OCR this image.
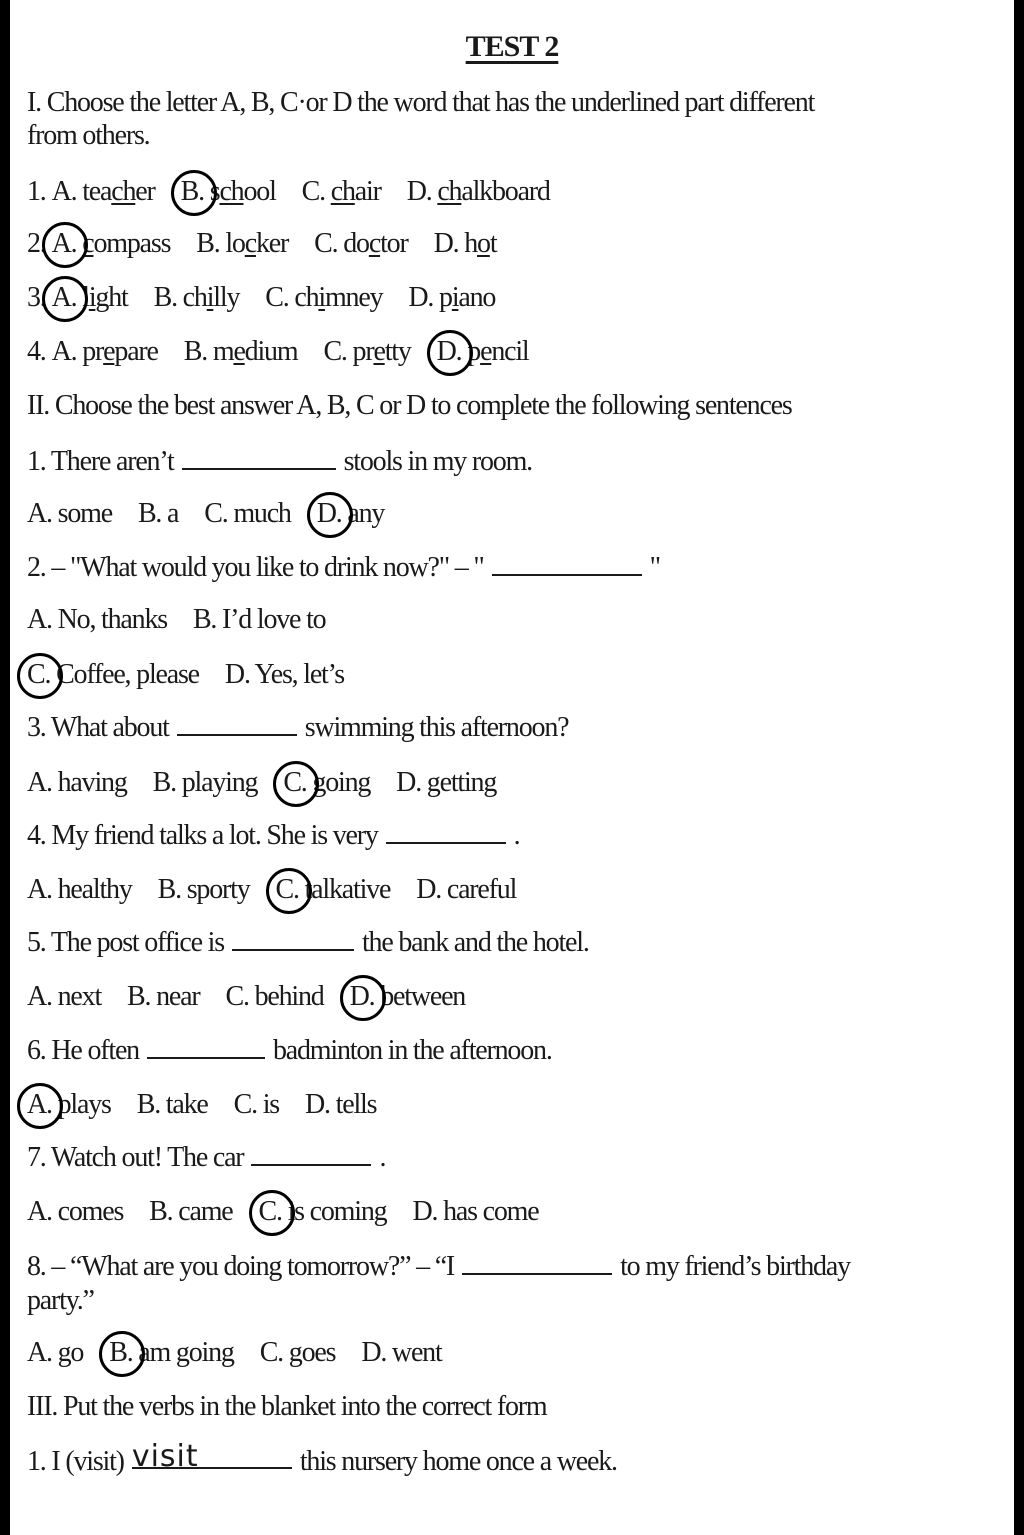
TEST 2
I. Choose the letter A, B, C·or D the word that has the underlined part different
from others.
1. A. teacher B. school C. chair D. chalkboard
2. A. compass B. locker C. doctor D. hot
3. A. light B. chilly C. chimney D. piano
4. A. prepare B. medium C. pretty D. pencil
II. Choose the best answer A, B, C or D to complete the following sentences
1. There aren’t	stools in my room.
A. some B. a C. much D. any
2. – "What would you like to drink now?" – "	"
A. No, thanks B. I’d love to
C. Coffee, please D. Yes, let’s
3. What about	swimming this afternoon?
A. having B. playing C. going D. getting
4. My friend talks a lot. She is very	.
A. healthy B. sporty C. talkative D. careful
5. The post office is	the bank and the hotel.
A. next B. near C. behind D. between
6. He often	badminton in the afternoon.
A. plays B. take C. is D. tells
7. Watch out! The car	.
A. comes B. came C. is coming D. has come
8. – “What are you doing tomorrow?” – “I	to my friend’s birthday
party.”
A. go B. am going C. goes D. went
III. Put the verbs in the blanket into the correct form
1. I (visit) visit	this nursery home once a week.
